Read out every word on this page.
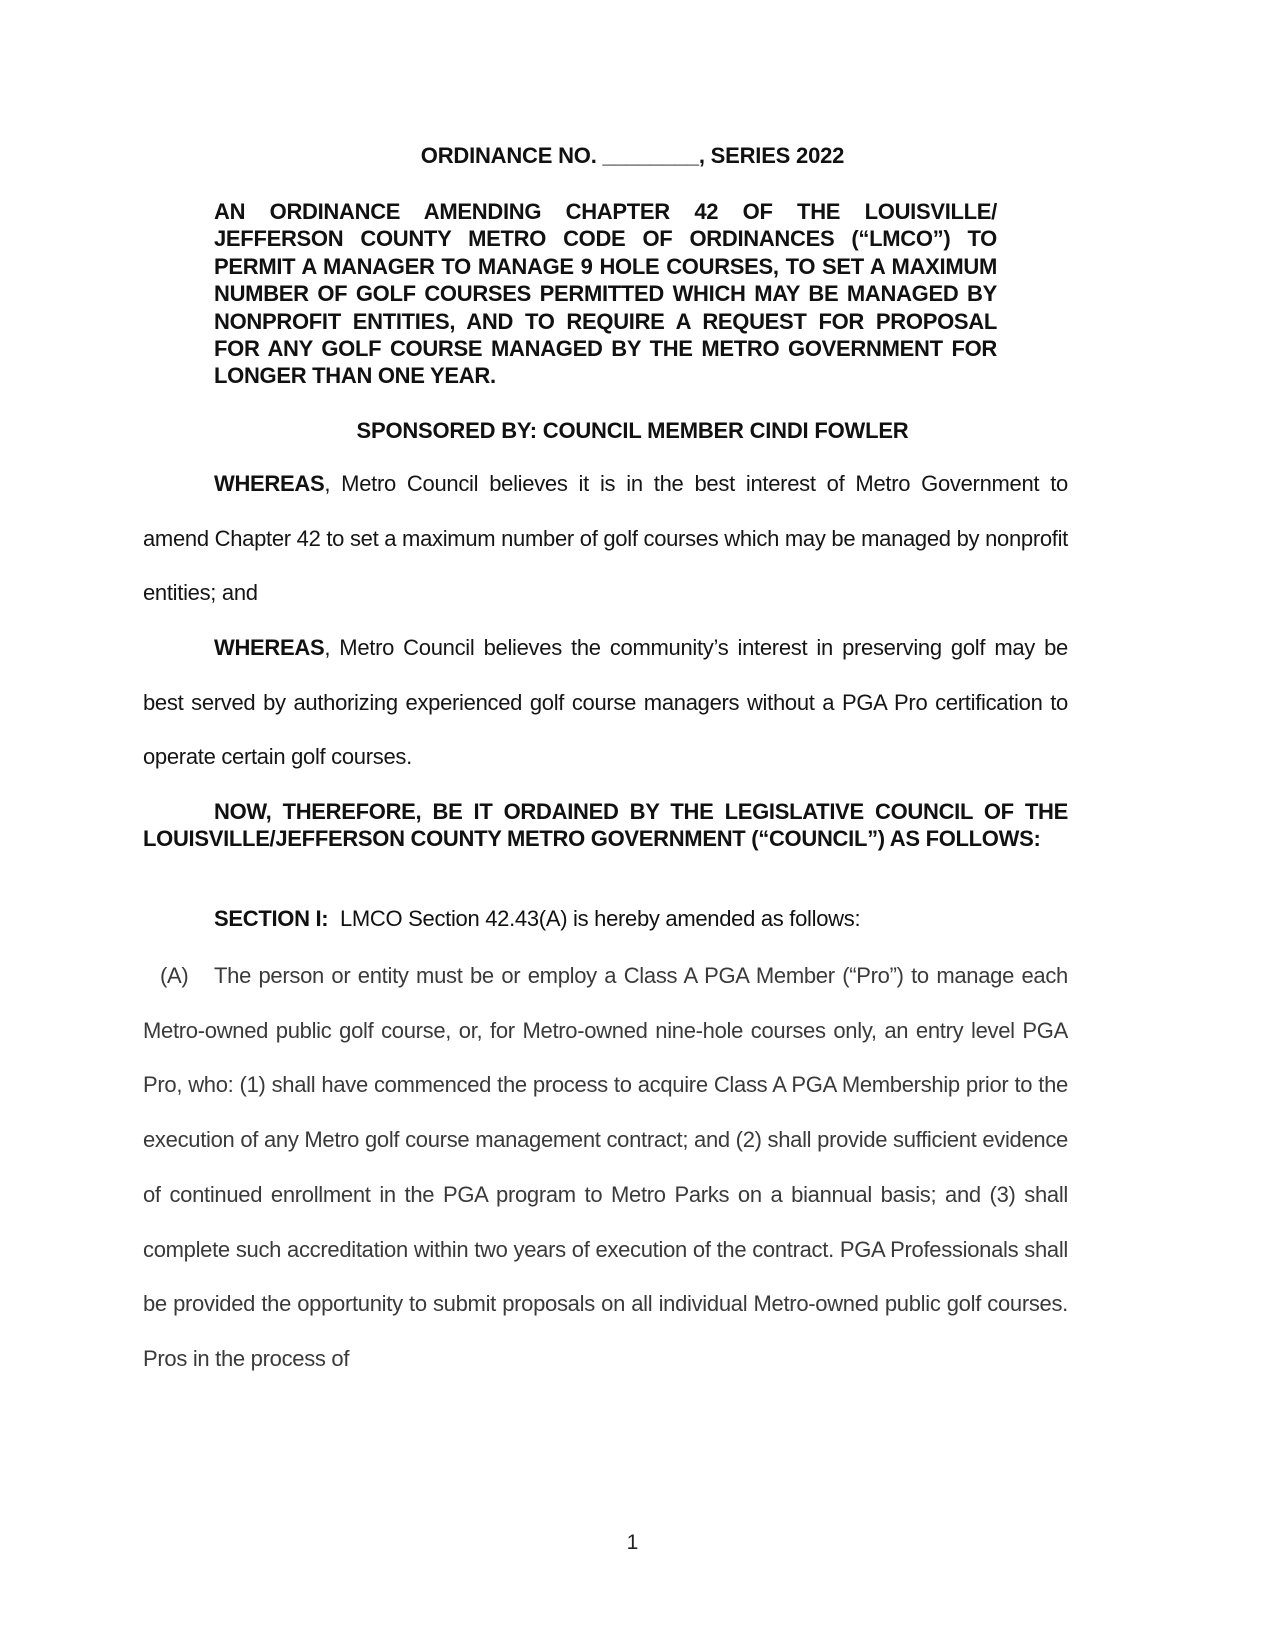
ORDINANCE NO. ________, SERIES 2022
AN ORDINANCE AMENDING CHAPTER 42 OF THE LOUISVILLE/ JEFFERSON COUNTY METRO CODE OF ORDINANCES (“LMCO”) TO PERMIT A MANAGER TO MANAGE 9 HOLE COURSES, TO SET A MAXIMUM NUMBER OF GOLF COURSES PERMITTED WHICH MAY BE MANAGED BY NONPROFIT ENTITIES, AND TO REQUIRE A REQUEST FOR PROPOSAL FOR ANY GOLF COURSE MANAGED BY THE METRO GOVERNMENT FOR LONGER THAN ONE YEAR.
SPONSORED BY: COUNCIL MEMBER CINDI FOWLER
WHEREAS, Metro Council believes it is in the best interest of Metro Government to amend Chapter 42 to set a maximum number of golf courses which may be managed by nonprofit entities; and
WHEREAS, Metro Council believes the community’s interest in preserving golf may be best served by authorizing experienced golf course managers without a PGA Pro certification to operate certain golf courses.
NOW, THEREFORE, BE IT ORDAINED BY THE LEGISLATIVE COUNCIL OF THE LOUISVILLE/JEFFERSON COUNTY METRO GOVERNMENT (“COUNCIL”) AS FOLLOWS:
SECTION I: LMCO Section 42.43(A) is hereby amended as follows:
(A) The person or entity must be or employ a Class A PGA Member (“Pro”) to manage each Metro-owned public golf course, or, for Metro-owned nine-hole courses only, an entry level PGA Pro, who: (1) shall have commenced the process to acquire Class A PGA Membership prior to the execution of any Metro golf course management contract; and (2) shall provide sufficient evidence of continued enrollment in the PGA program to Metro Parks on a biannual basis; and (3) shall complete such accreditation within two years of execution of the contract. PGA Professionals shall be provided the opportunity to submit proposals on all individual Metro-owned public golf courses. Pros in the process of
1
